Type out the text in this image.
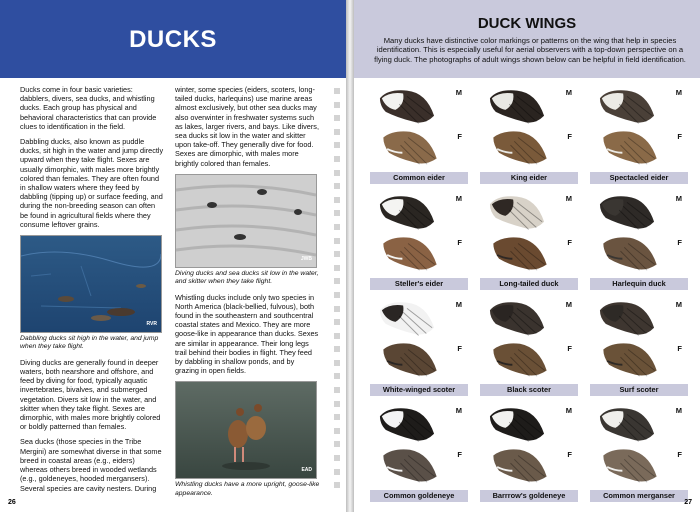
DUCKS

Ducks come in four basic varieties: dabblers, divers, sea ducks, and whistling ducks. Each group has physical and behavioral characteristics that can provide clues to identification in the field.

Dabbling ducks, also known as puddle ducks, sit high in the water and jump directly upward when they take flight. Sexes are usually dimorphic, with males more brightly colored than females. They are often found in shallow waters where they feed by dabbling (tipping up) or surface feeding, and during the non-breeding season can often be found in agricultural fields where they consume leftover grains.

RVR
Dabbling ducks sit high in the water, and jump when they take flight.

Diving ducks are generally found in deeper waters, both nearshore and offshore, and feed by diving for food, typically aquatic invertebrates, bivalves, and submerged vegetation. Divers sit low in the water, and skitter when they take flight. Sexes are dimorphic, with males more brightly colored or boldly patterned than females.

Sea ducks (those species in the Tribe Mergini) are somewhat diverse in that some breed in coastal areas (e.g., eiders) whereas others breed in wooded wetlands (e.g., goldeneyes, hooded mergansers). Several species are cavity nesters. During

winter, some species (eiders, scoters, long-tailed ducks, harlequins) use marine areas almost exclusively, but other sea ducks may also overwinter in freshwater systems such as lakes, larger rivers, and bays. Like divers, sea ducks sit low in the water and skitter upon take-off. They generally dive for food. Sexes are dimorphic, with males more brightly colored than females.

JWB
Diving ducks and sea ducks sit low in the water, and skitter when they take flight.

Whistling ducks include only two species in North America (black-bellied, fulvous), both found in the southeastern and southcentral coastal states and Mexico. They are more goose-like in appearance than ducks. Sexes are similar in appearance. Their long legs trail behind their bodies in flight. They feed by dabbling in shallow ponds, and by grazing in open fields.

EAD
Whistling ducks have a more upright, goose-like appearance.
26
DUCK WINGS

Many ducks have distinctive color markings or patterns on the wing that help in species identification. This is especially useful for aerial observers with a top-down perspective on a flying duck. The photographs of adult wings shown below can be helpful in field identification.

M
F
Common eider
M
F
King eider
M
F
Spectacled eider
M
F
Steller's eider
M
F
Long-tailed duck
M
F
Harlequin duck
M
F
White-winged scoter
M
F
Black scoter
M
F
Surf scoter
M
F
Common goldeneye
M
F
Barrrow's goldeneye
M
F
Common merganser
27
